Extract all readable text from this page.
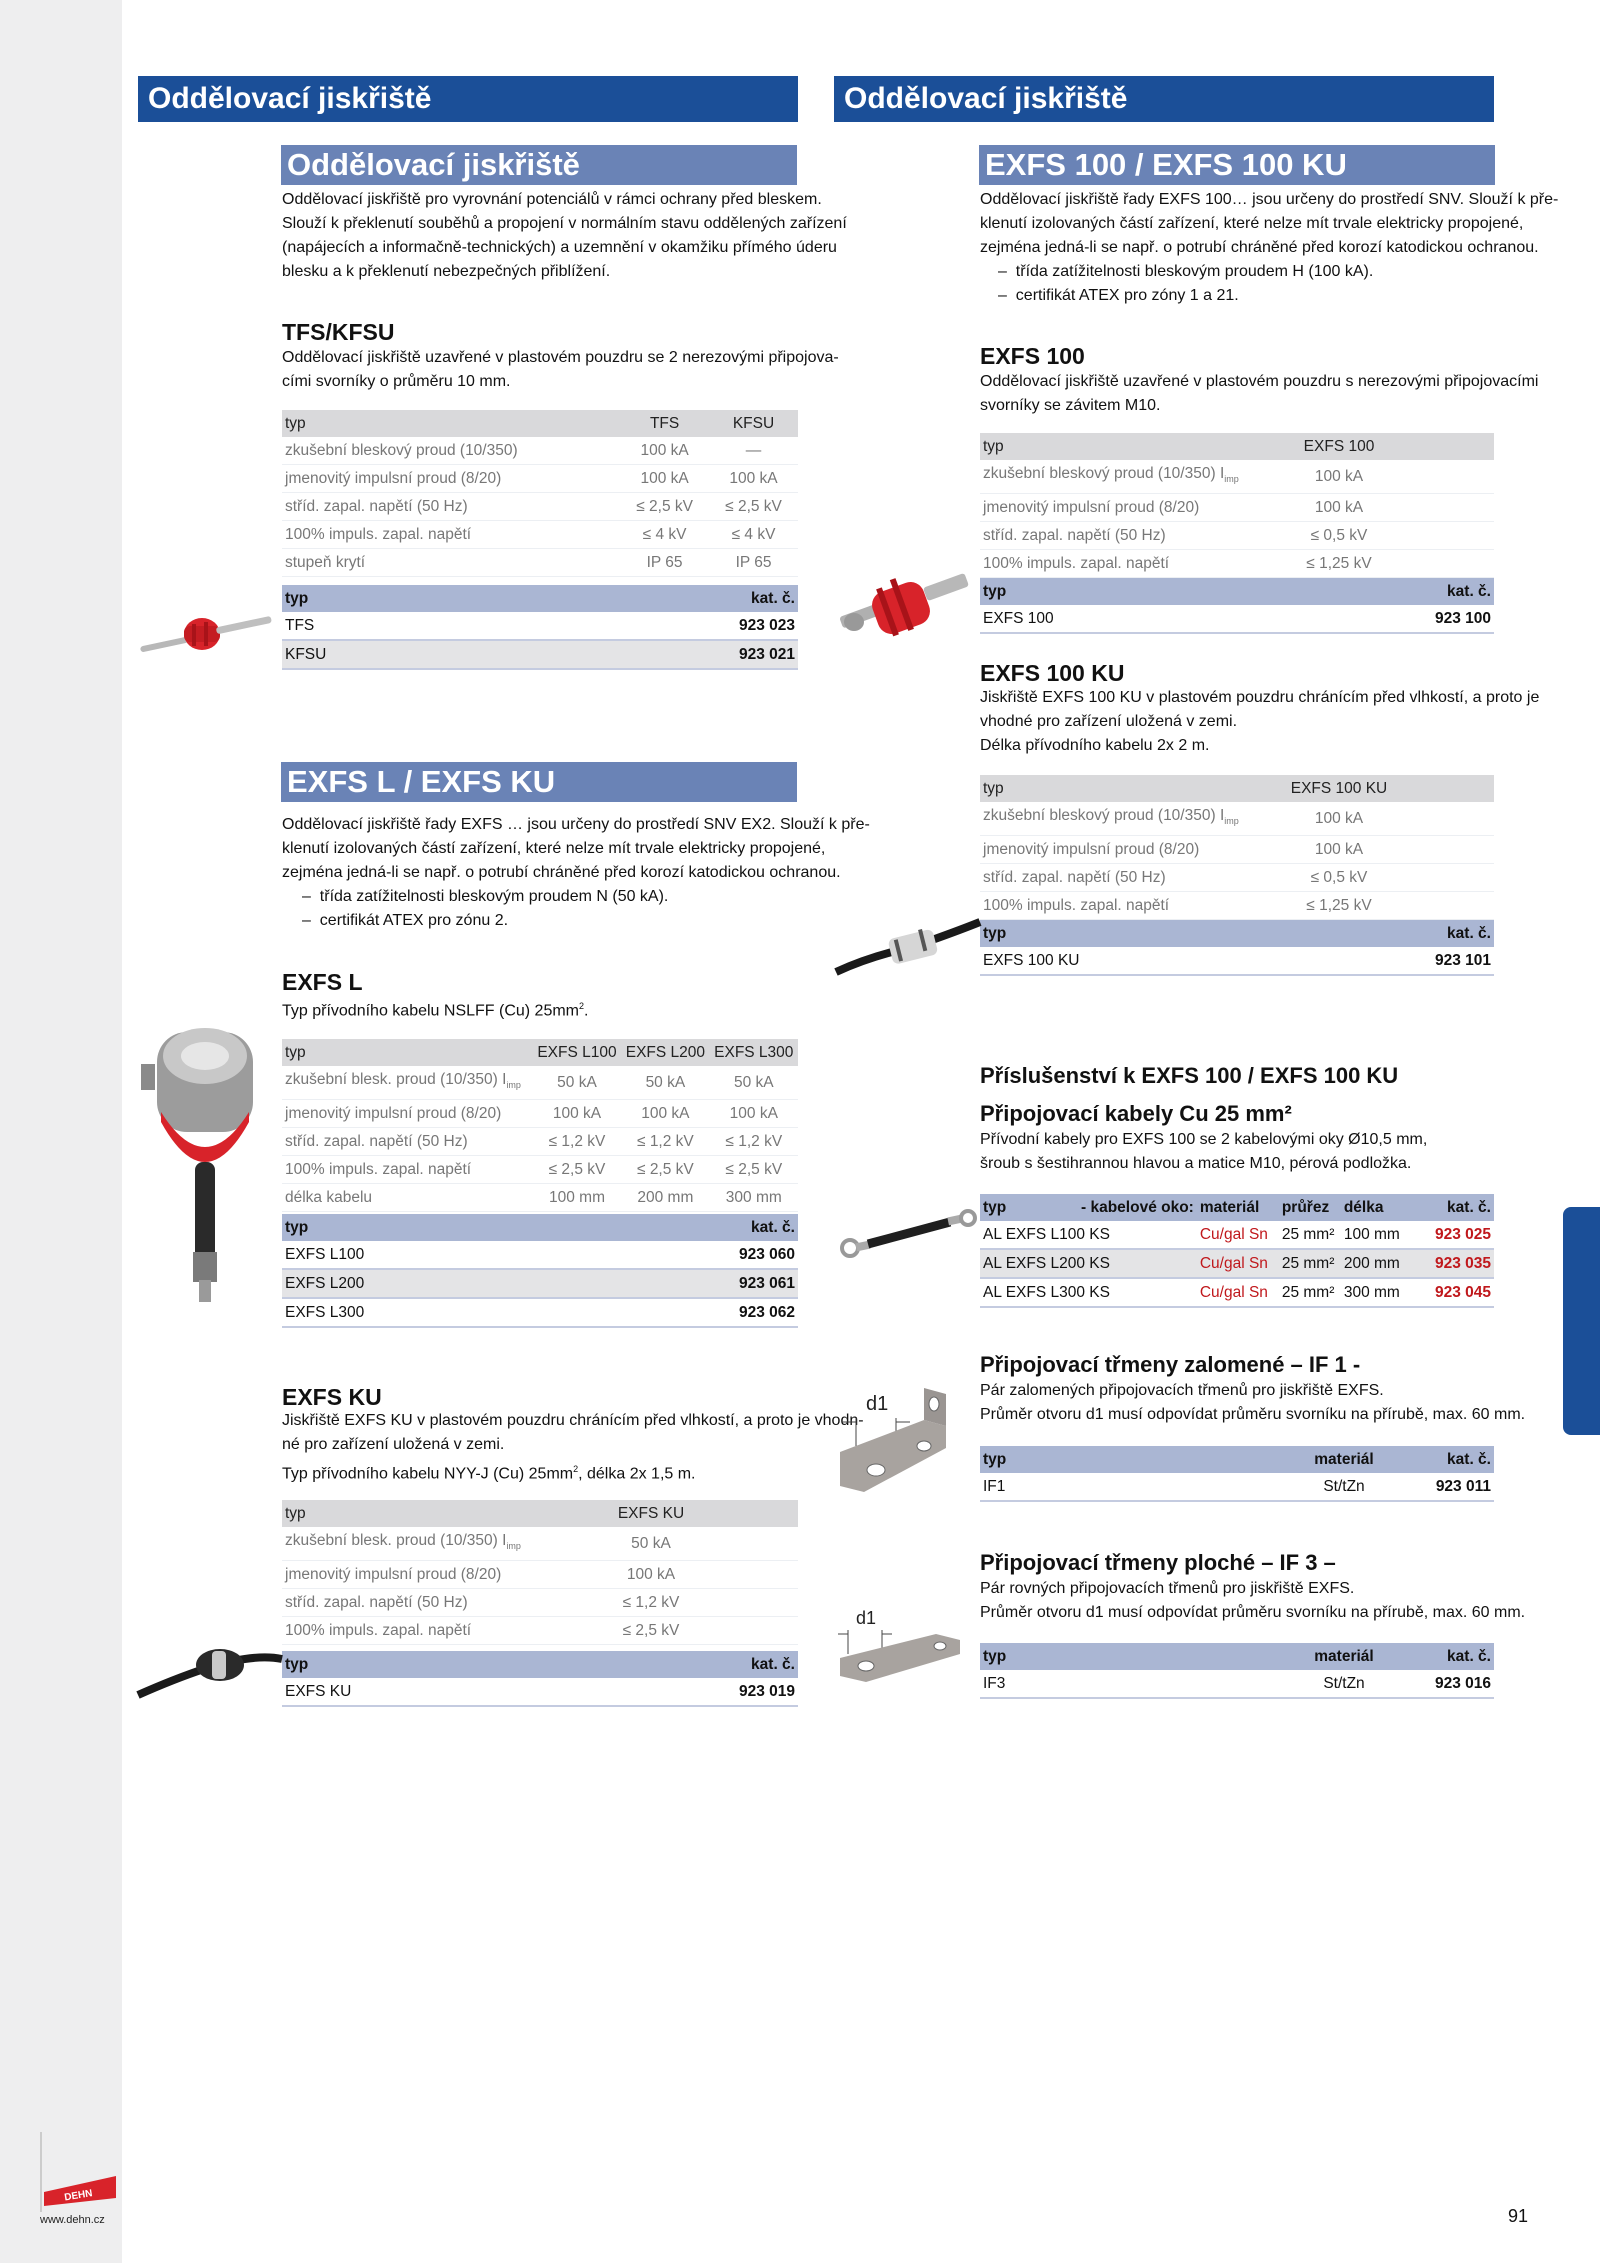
Oddělovací jiskřiště	Oddělovací jiskřiště
Oddělovací jiskřiště
Oddělovací jiskřiště pro vyrovnání potenciálů v rámci ochrany před bleskem.
Slouží k překlenutí souběhů a propojení v normálním stavu oddělených zařízení
(napájecích a informačně-technických) a uzemnění v okamžiku přímého úderu
blesku a k překlenutí nebezpečných přiblížení.
TFS/KFSU
Oddělovací jiskřiště uzavřené v plastovém pouzdru se 2 nerezovými připojova-
cími svorníky o průměru 10 mm.
typ	TFS	KFSU
zkušební bleskový proud (10/350)	100 kA	—
jmenovitý impulsní proud (8/20)	100 kA	100 kA
stříd. zapal. napětí (50 Hz)	≤ 2,5 kV	≤ 2,5 kV
100% impuls. zapal. napětí	≤ 4 kV	≤ 4 kV
stupeň krytí	IP 65	IP 65
typ	kat. č.
TFS	923 023
KFSU	923 021
EXFS L / EXFS KU
Oddělovací jiskřiště řady EXFS … jsou určeny do prostředí SNV EX2. Slouží k pře-
klenutí izolovaných částí zařízení, které nelze mít trvale elektricky propojené,
zejména jedná-li se např. o potrubí chráněné před korozí katodickou ochranou.
–  třída zatížitelnosti bleskovým proudem N (50 kA).
–  certifikát ATEX pro zónu 2.
EXFS L
Typ přívodního kabelu NSLFF (Cu) $25mm^2$.
typ	EXFS L100	EXFS L200	EXFS L300
zkušební blesk. proud (10/350) $I_{imp}$	50 kA	50 kA	50 kA
jmenovitý impulsní proud (8/20)	100 kA	100 kA	100 kA
stříd. zapal. napětí (50 Hz)	≤ 1,2 kV	≤ 1,2 kV	≤ 1,2 kV
100% impuls. zapal. napětí	≤ 2,5 kV	≤ 2,5 kV	≤ 2,5 kV
délka kabelu	100 mm	200 mm	300 mm
typ	kat. č.
EXFS L100	923 060
EXFS L200	923 061
EXFS L300	923 062
EXFS KU
Jiskřiště EXFS KU v plastovém pouzdru chránícím před vlhkostí, a proto je vhodn-
né pro zařízení uložená v zemi.
Typ přívodního kabelu NYY-J (Cu) $25mm^2$, délka 2x 1,5 m.
typ	EXFS KU	
zkušební blesk. proud (10/350) $I_{imp}$	50 kA	
jmenovitý impulsní proud (8/20)	100 kA	
stříd. zapal. napětí (50 Hz)	≤ 1,2 kV	
100% impuls. zapal. napětí	≤ 2,5 kV	
typ	kat. č.
EXFS KU	923 019
EXFS 100 / EXFS 100 KU
Oddělovací jiskřiště řady EXFS 100… jsou určeny do prostředí SNV. Slouží k pře-
klenutí izolovaných částí zařízení, které nelze mít trvale elektricky propojené,
zejména jedná-li se např. o potrubí chráněné před korozí katodickou ochranou.
–  třída zatížitelnosti bleskovým proudem H (100 kA).
–  certifikát ATEX pro zóny 1 a 21.
EXFS 100
Oddělovací jiskřiště uzavřené v plastovém pouzdru s nerezovými připojovacími
svorníky se závitem M10.
typ	EXFS 100	
zkušební bleskový proud (10/350) $I_{imp}$	100 kA	
jmenovitý impulsní proud (8/20)	100 kA	
stříd. zapal. napětí (50 Hz)	≤ 0,5 kV	
100% impuls. zapal. napětí	≤ 1,25 kV	
typ	kat. č.
EXFS 100	923 100
EXFS 100 KU
Jiskřiště EXFS 100 KU v plastovém pouzdru chránícím před vlhkostí, a proto je
vhodné pro zařízení uložená v zemi.
Délka přívodního kabelu 2x 2 m.
typ	EXFS 100 KU	
zkušební bleskový proud (10/350) $I_{imp}$	100 kA	
jmenovitý impulsní proud (8/20)	100 kA	
stříd. zapal. napětí (50 Hz)	≤ 0,5 kV	
100% impuls. zapal. napětí	≤ 1,25 kV	
typ	kat. č.
EXFS 100 KU	923 101
Příslušenství k EXFS 100 / EXFS 100 KU
Připojovací kabely Cu 25 mm²
Přívodní kabely pro EXFS 100 se 2 kabelovými oky Ø10,5 mm,
šroub s šestihrannou hlavou a matice M10, pérová podložka.
typ	- kabelové oko:	materiál	průřez	délka	kat. č.
AL EXFS L100 KS		Cu/gal Sn	25 mm²	100 mm	923 025
AL EXFS L200 KS		Cu/gal Sn	25 mm²	200 mm	923 035
AL EXFS L300 KS		Cu/gal Sn	25 mm²	300 mm	923 045
Připojovací třmeny zalomené – IF 1 -
Pár zalomených připojovacích třmenů pro jiskřiště EXFS.
Průměr otvoru d1 musí odpovídat průměru svorníku na přírubě, max. 60 mm.
typ	materiál	kat. č.
IF1	St/tZn	923 011
d1
Připojovací třmeny ploché – IF 3 –
Pár rovných připojovacích třmenů pro jiskřiště EXFS.
Průměr otvoru d1 musí odpovídat průměru svorníku na přírubě, max. 60 mm.
typ	materiál	kat. č.
IF3	St/tZn	923 016
d1
DEHN
www.dehn.cz	91
